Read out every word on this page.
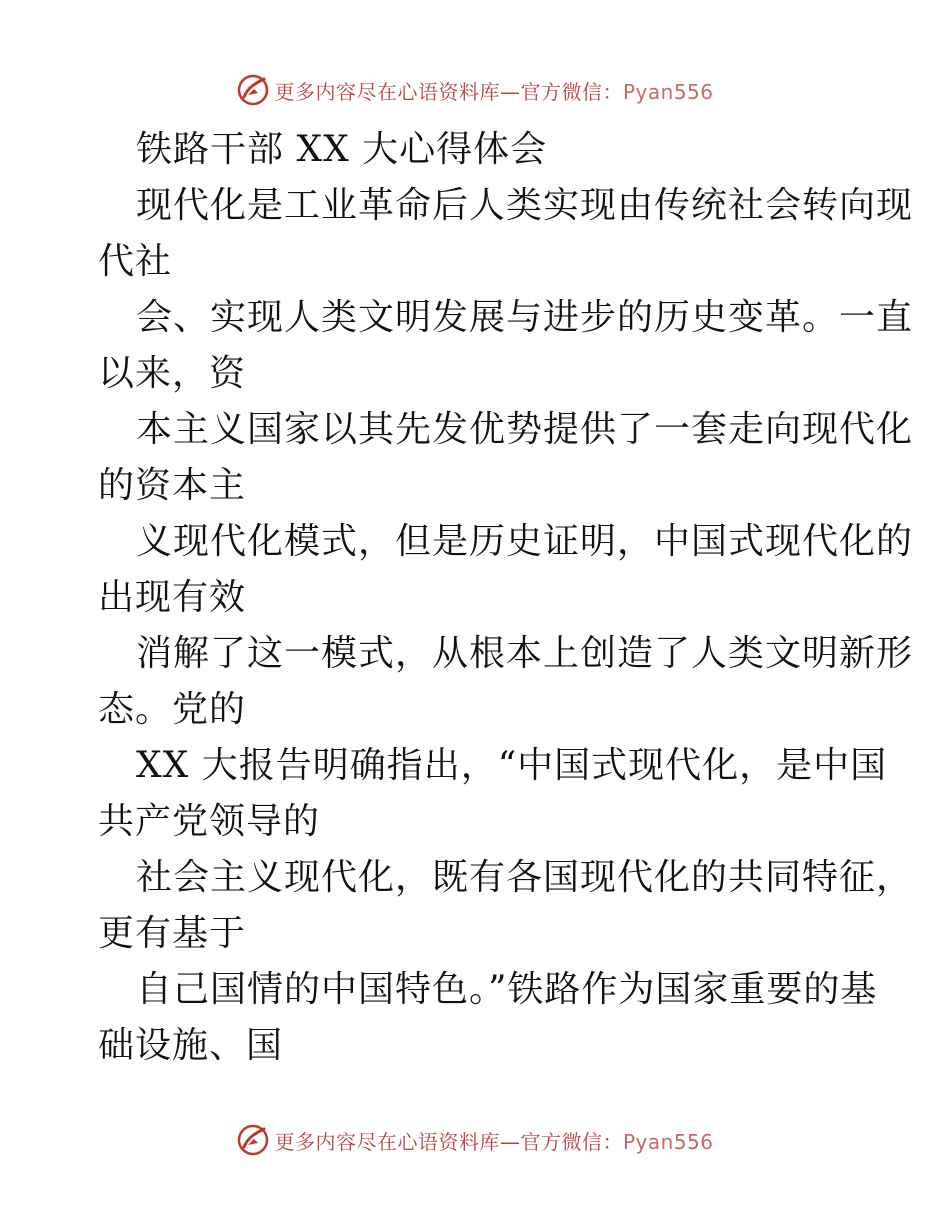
更多内容尽在心语资料库—官方微信：Pyan556
铁路干部 XX 大心得体会
现代化是工业革命后人类实现由传统社会转向现
代社
会、实现人类文明发展与进步的历史变革。一直
以来，资
本主义国家以其先发优势提供了一套走向现代化
的资本主
义现代化模式，但是历史证明，中国式现代化的
出现有效
消解了这一模式，从根本上创造了人类文明新形
态。党的
XX 大报告明确指出，“中国式现代化，是中国
共产党领导的
社会主义现代化，既有各国现代化的共同特征，
更有基于
自己国情的中国特色。”铁路作为国家重要的基
础设施、国
更多内容尽在心语资料库—官方微信：Pyan556
